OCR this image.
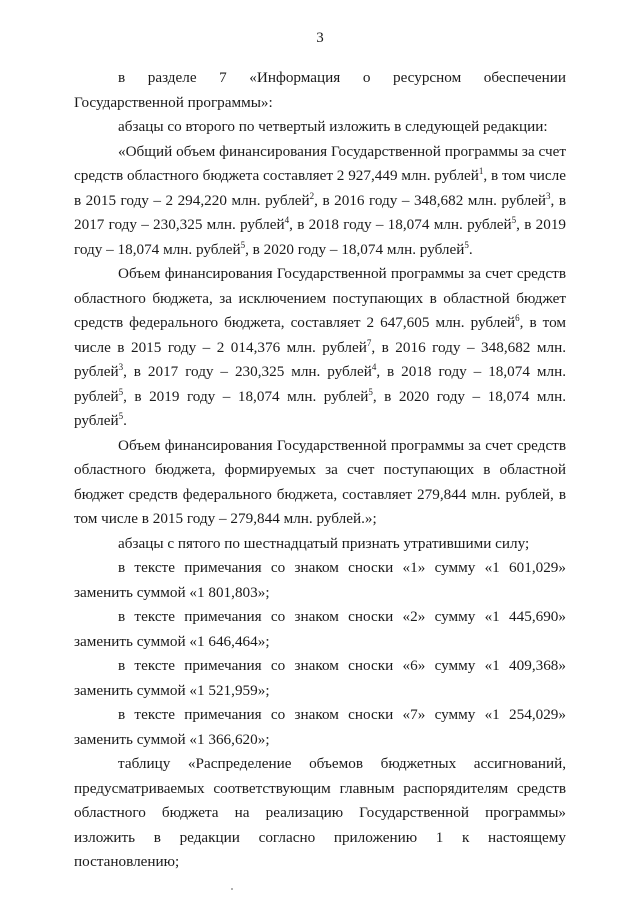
3

в разделе 7 «Информация о ресурсном обеспечении Государственной программы»:

абзацы со второго по четвертый изложить в следующей редакции:

«Общий объем финансирования Государственной программы за счет средств областного бюджета составляет 2 927,449 млн. рублей$^1$, в том числе в 2015 году – 2 294,220 млн. рублей$^2$, в 2016 году – 348,682 млн. рублей$^3$, в 2017 году – 230,325 млн. рублей$^4$, в 2018 году – 18,074 млн. рублей$^5$, в 2019 году – 18,074 млн. рублей$^5$, в 2020 году – 18,074 млн. рублей$^5$.

Объем финансирования Государственной программы за счет средств областного бюджета, за исключением поступающих в областной бюджет средств федерального бюджета, составляет 2 647,605 млн. рублей$^6$, в том числе в 2015 году – 2 014,376 млн. рублей$^7$, в 2016 году – 348,682 млн. рублей$^3$, в 2017 году – 230,325 млн. рублей$^4$, в 2018 году – 18,074 млн. рублей$^5$, в 2019 году – 18,074 млн. рублей$^5$, в 2020 году – 18,074 млн. рублей$^5$.

Объем финансирования Государственной программы за счет средств областного бюджета, формируемых за счет поступающих в областной бюджет средств федерального бюджета, составляет 279,844 млн. рублей, в том числе в 2015 году – 279,844 млн. рублей.»;

абзацы с пятого по шестнадцатый признать утратившими силу;

в тексте примечания со знаком сноски «1» сумму «1 601,029» заменить суммой «1 801,803»;

в тексте примечания со знаком сноски «2» сумму «1 445,690» заменить суммой «1 646,464»;

в тексте примечания со знаком сноски «6» сумму «1 409,368» заменить суммой «1 521,959»;

в тексте примечания со знаком сноски «7» сумму «1 254,029» заменить суммой «1 366,620»;

таблицу «Распределение объемов бюджетных ассигнований, предусматриваемых соответствующим главным распорядителям средств областного бюджета на реализацию Государственной программы» изложить в редакции согласно приложению 1 к настоящему постановлению;
